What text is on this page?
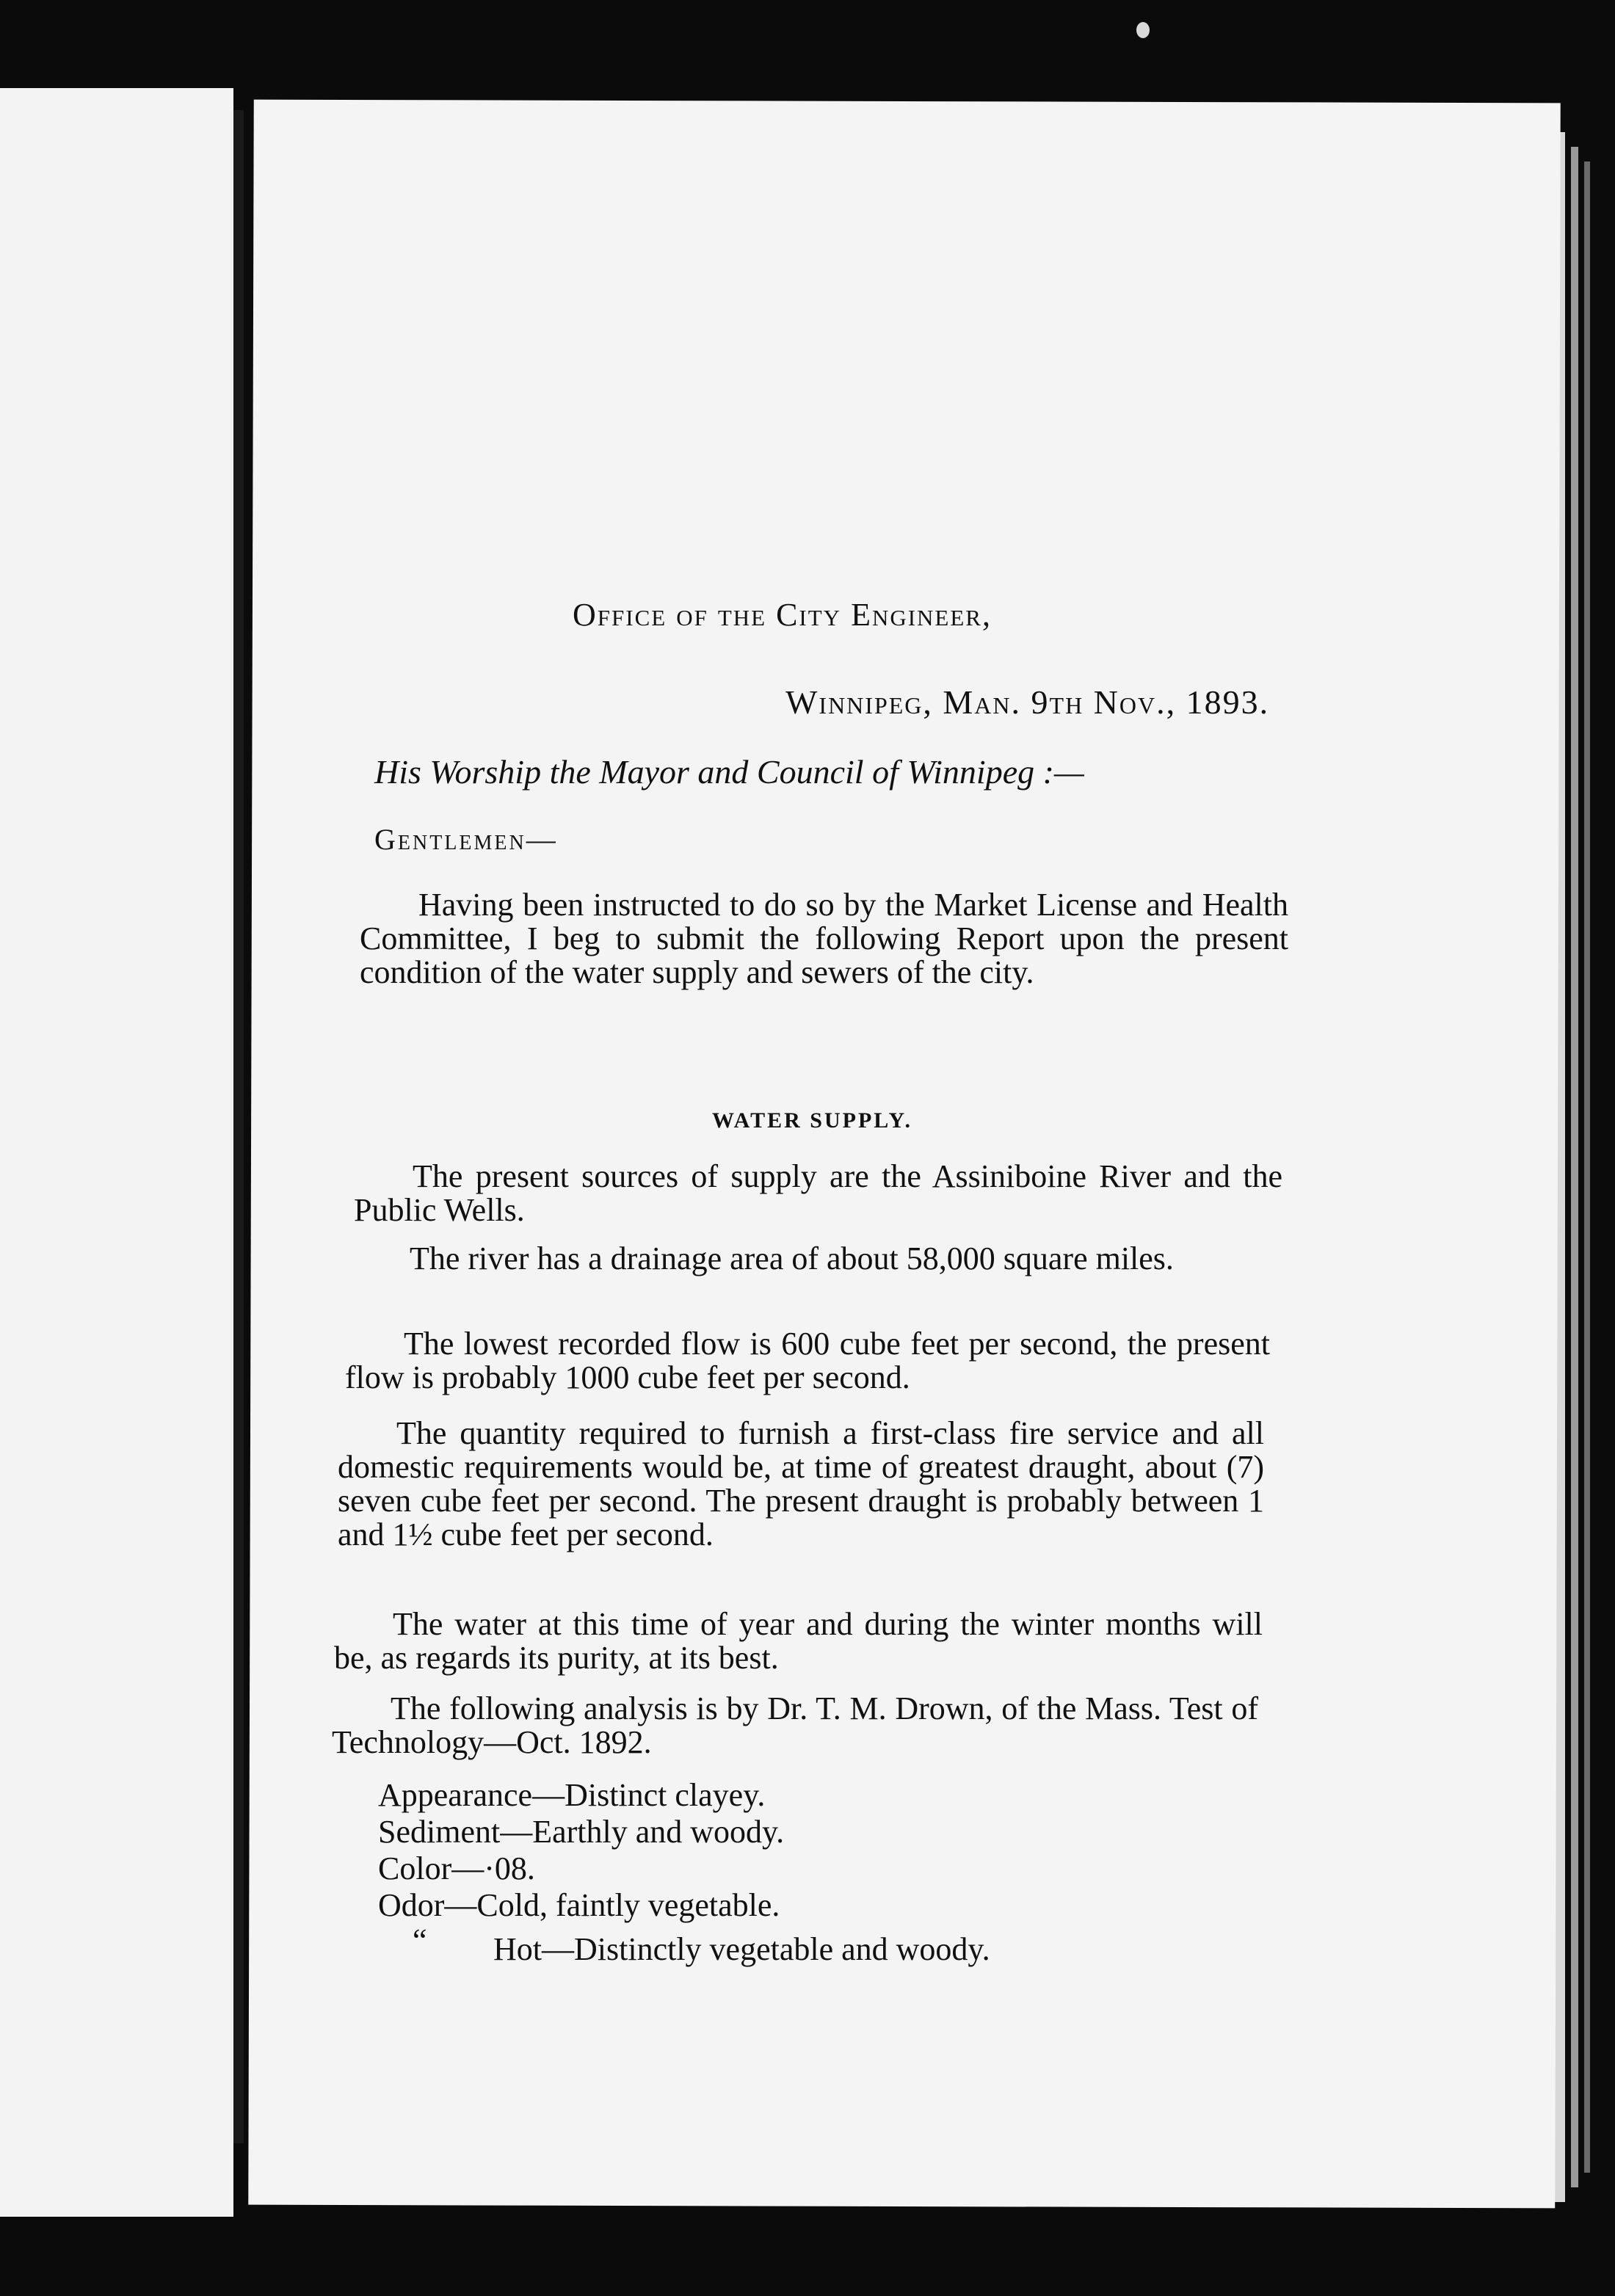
Office of the City Engineer,
Winnipeg, Man. 9th Nov., 1893.
His Worship the Mayor and Council of Winnipeg :—
Gentlemen—
Having been instructed to do so by the Market License and Health Committee, I beg to submit the following Report upon the present condition of the water supply and sewers of the city.
WATER SUPPLY.
The present sources of supply are the Assiniboine River and the Public Wells.
The river has a drainage area of about 58,000 square miles.
The lowest recorded flow is 600 cube feet per second, the present flow is probably 1000 cube feet per second.
The quantity required to furnish a first-class fire service and all domestic requirements would be, at time of greatest draught, about (7) seven cube feet per second. The present draught is probably between 1 and 1½ cube feet per second.
The water at this time of year and during the winter months will be, as regards its purity, at its best.
The following analysis is by Dr. T. M. Drown, of the Mass. Test of Technology—Oct. 1892.
Appearance—Distinct clayey.
Sediment—Earthly and woody.
Color—·08.
Odor—Cold, faintly vegetable.
“ Hot—Distinctly vegetable and woody.
